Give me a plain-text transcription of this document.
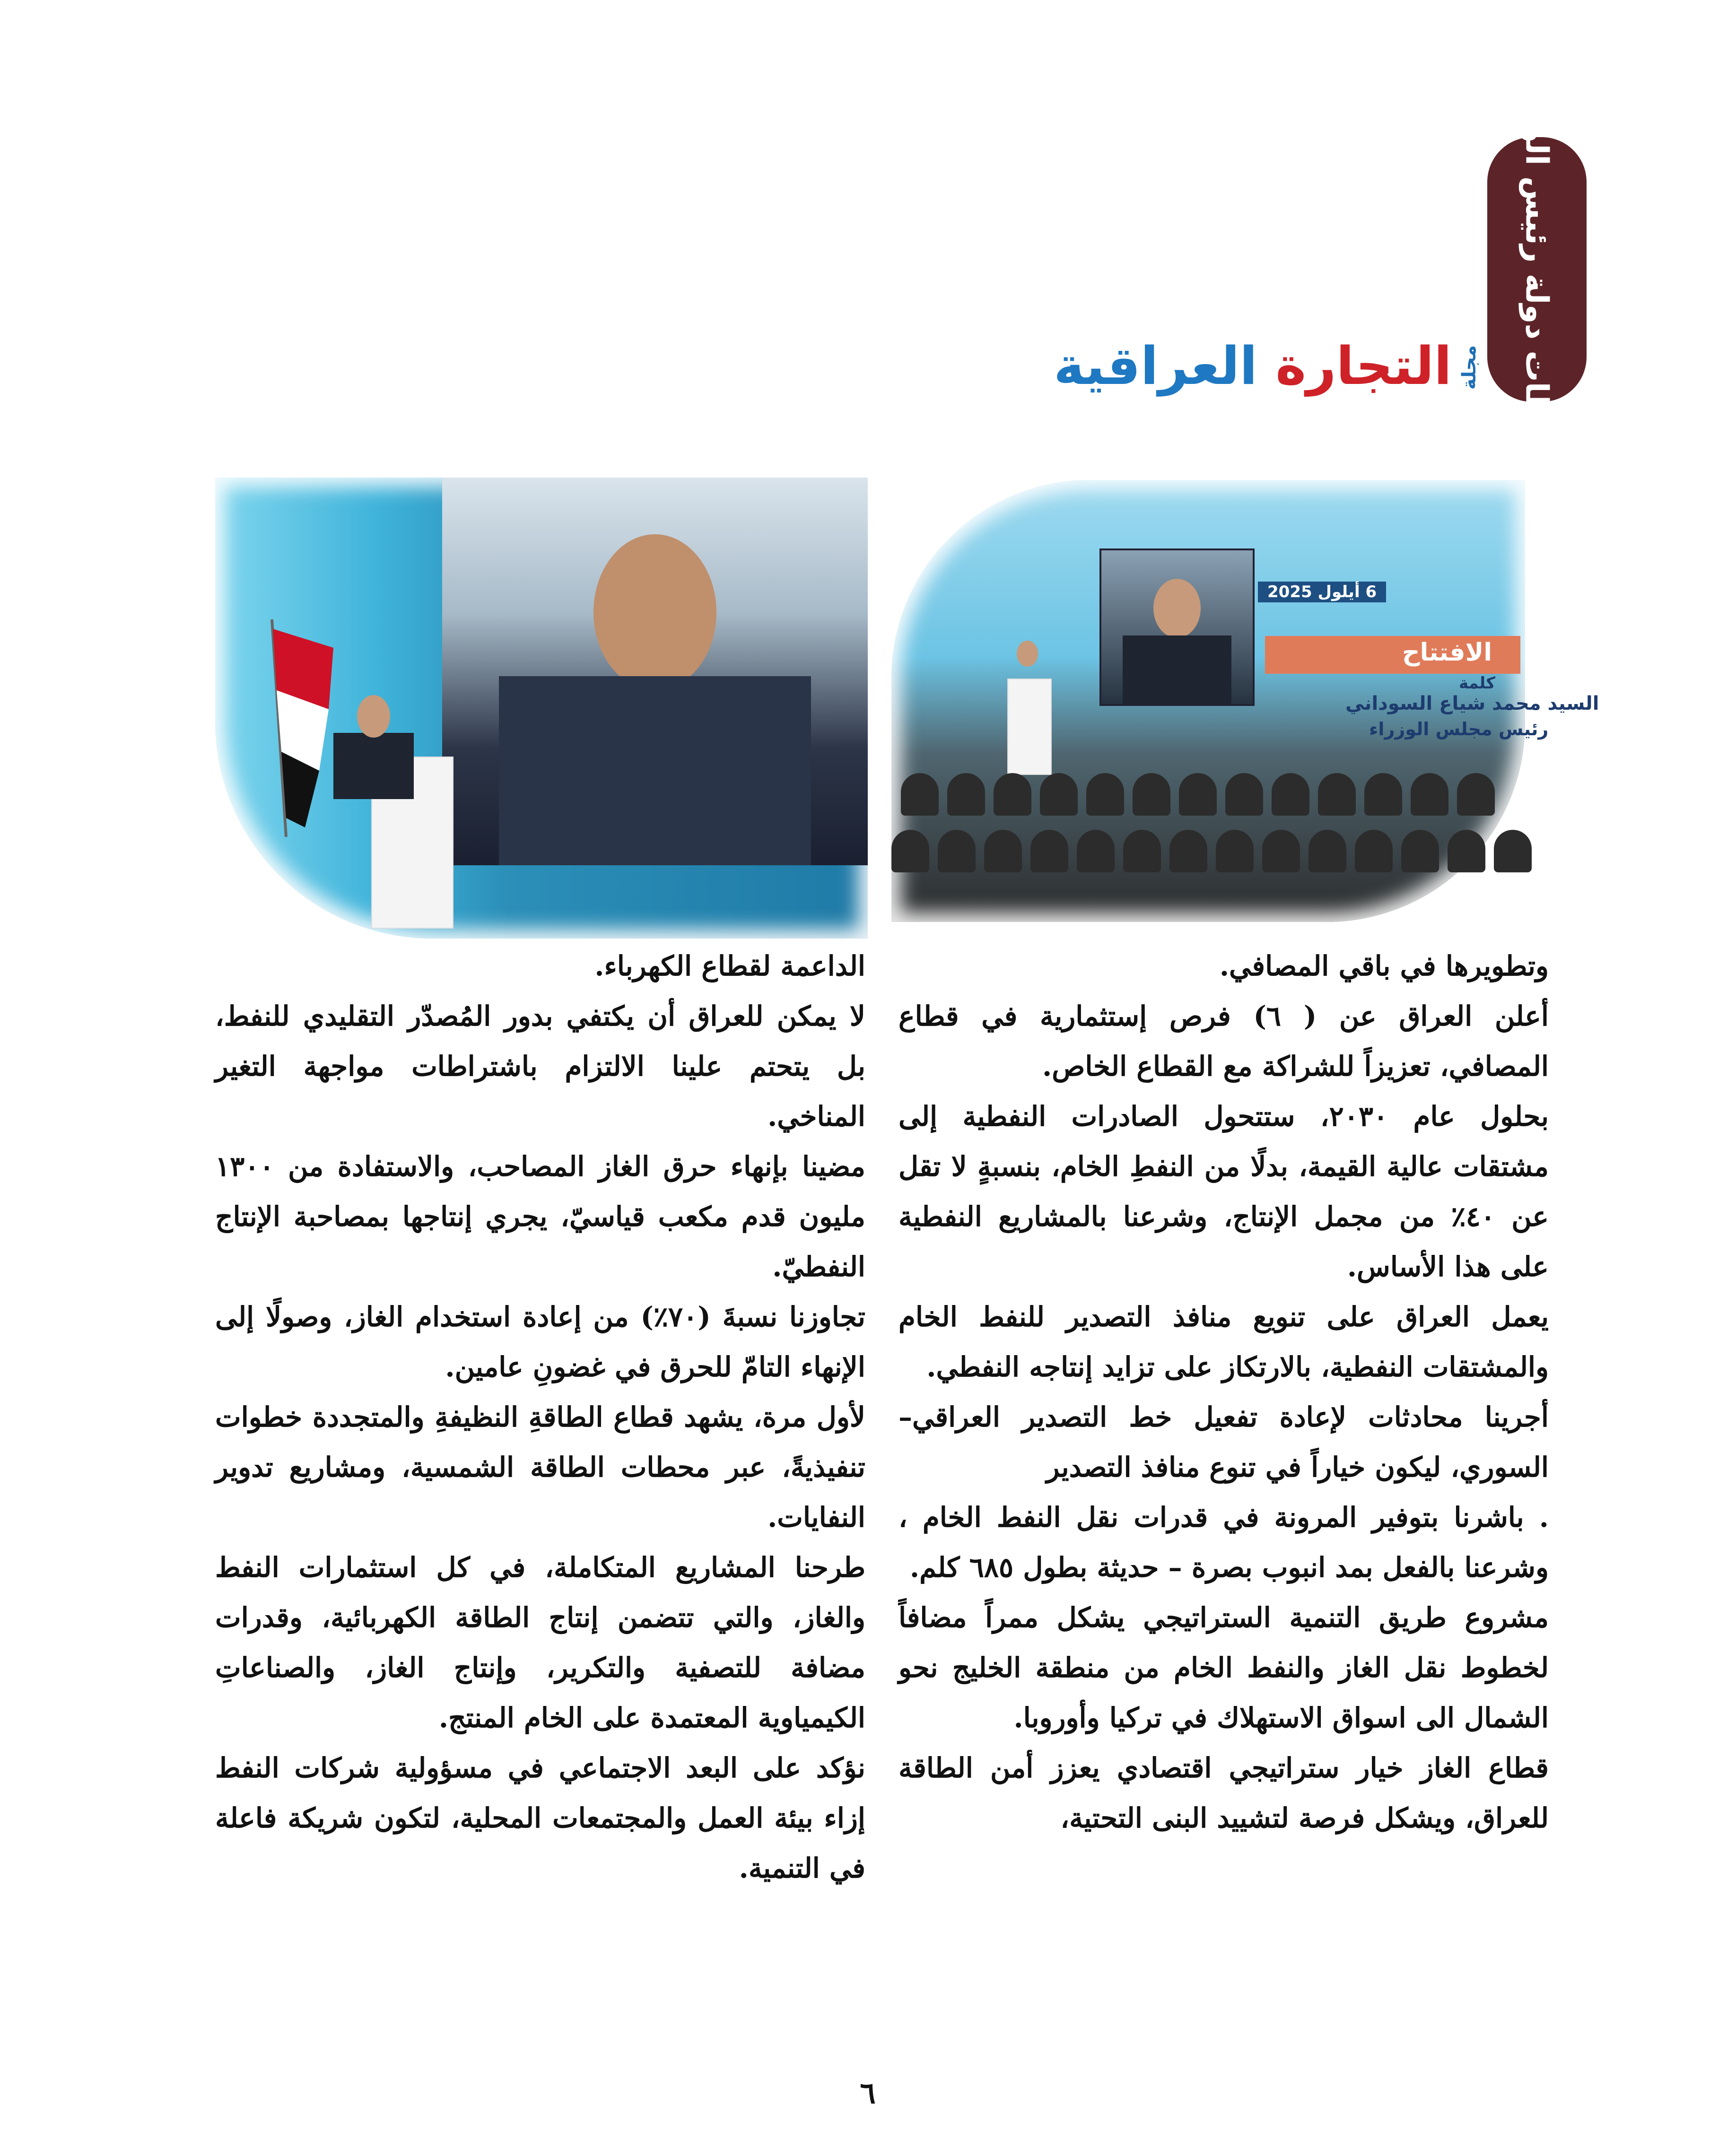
نشاطات دولة رئيس الوزراء
مجلة
التجارة العراقية
6 أيلول 2025
الافتتاح
كلمة
السيد محمد شياع السوداني
رئيس مجلس الوزراء

وتطويرها في باقي المصافي.

أعلن العراق عن ( ٦) فرص إستثمارية في قطاع المصافي، تعزيزاً للشراكة مع القطاع الخاص.

بحلول عام ٢٠٣٠، ستتحول الصادرات النفطية إلى مشتقات عالية القيمة، بدلًا من النفطِ الخام، بنسبةٍ لا تقل عن ٤٠٪ من مجمل الإنتاج، وشرعنا بالمشاريع النفطية على هذا الأساس.

يعمل العراق على تنويع منافذ التصدير للنفط الخام والمشتقات النفطية، بالارتكاز على تزايد إنتاجه النفطي.

أجرينا محادثات لإعادة تفعيل خط التصدير العراقي– السوري، ليكون خياراً في تنوع منافذ التصدير

. باشرنا بتوفير المرونة في قدرات نقل النفط الخام ، وشرعنا بالفعل بمد انبوب بصرة – حديثة بطول ٦٨٥ كلم.

مشروع طريق التنمية الستراتيجي يشكل ممراً مضافاً لخطوط نقل الغاز والنفط الخام من منطقة الخليج نحو الشمال الى اسواق الاستهلاك في تركيا وأوروبا.

قطاع الغاز خيار ستراتيجي اقتصادي يعزز أمن الطاقة للعراق، ويشكل فرصة لتشييد البنى التحتية،

الداعمة لقطاع الكهرباء.

لا يمكن للعراق أن يكتفي بدور المُصدّر التقليدي للنفط، بل يتحتم علينا الالتزام باشتراطات مواجهة التغير المناخي.

مضينا بإنهاء حرق الغاز المصاحب، والاستفادة من ١٣٠٠ مليون قدم مكعب قياسيّ، يجري إنتاجها بمصاحبة الإنتاج النفطيّ.

تجاوزنا نسبةَ (٧٠٪) من إعادة استخدام الغاز، وصولًا إلى الإنهاء التامّ للحرق في غضونِ عامين.

لأول مرة، يشهد قطاع الطاقةِ النظيفةِ والمتجددة خطوات تنفيذيةً، عبر محطات الطاقة الشمسية، ومشاريع تدوير النفايات.

طرحنا المشاريع المتكاملة، في كل استثمارات النفط والغاز، والتي تتضمن إنتاج الطاقة الكهربائية، وقدرات مضافة للتصفية والتكرير، وإنتاج الغاز، والصناعاتِ الكيمياوية المعتمدة على الخام المنتج.

نؤكد على البعد الاجتماعي في مسؤولية شركات النفط إزاء بيئة العمل والمجتمعات المحلية، لتكون شريكة فاعلة في التنمية.

٦
